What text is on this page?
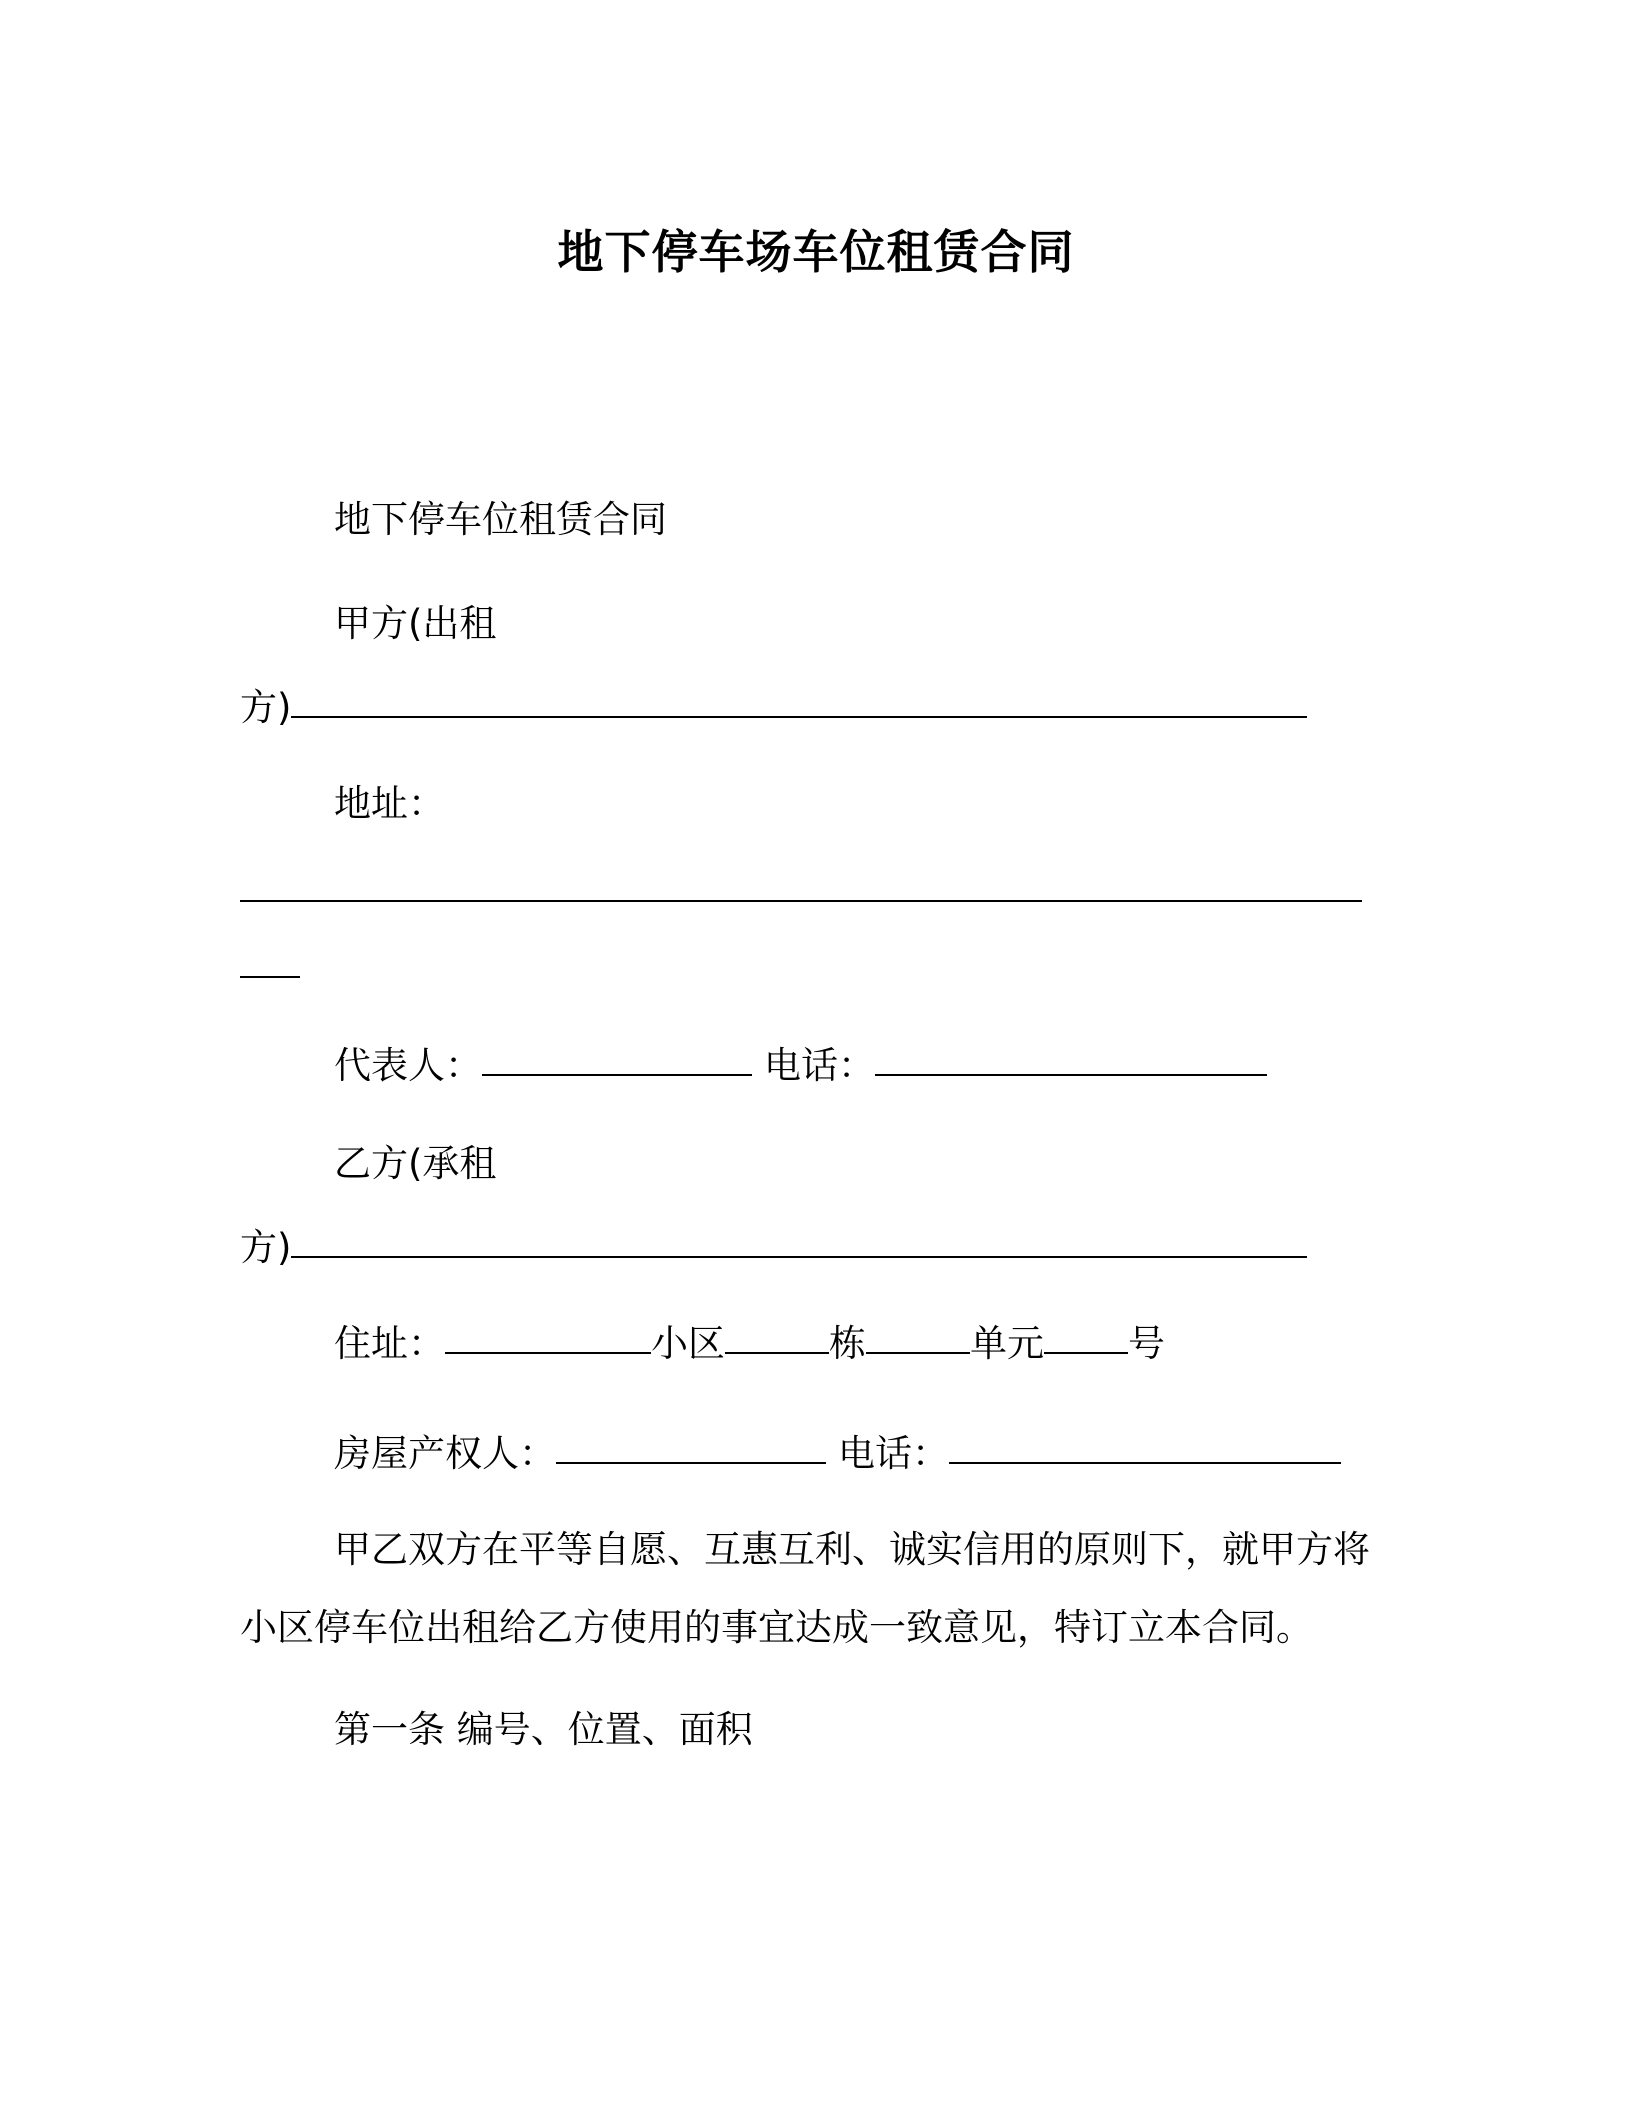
地下停车场车位租赁合同
地下停车位租赁合同
甲方(出租
方)
地址：
代表人：	电话：
乙方(承租
方)
住址：	小区	栋	单元 号
房屋产权人：	电话：
甲乙双方在平等自愿、互惠互利、诚实信用的原则下，就甲方将
小区停车位出租给乙方使用的事宜达成一致意见，特订立本合同。
第一条 编号、位置、面积
